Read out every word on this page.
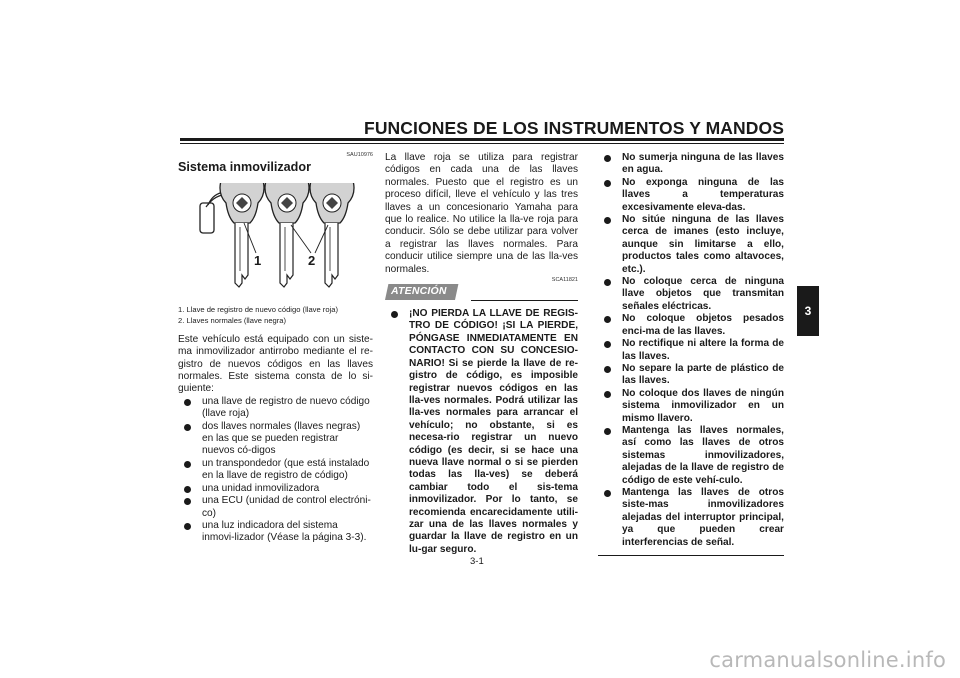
FUNCIONES DE LOS INSTRUMENTOS Y MANDOS
3
SAU10976
Sistema inmovilizador
1	2
1. Llave de registro de nuevo código (llave roja)
2. Llaves normales (llave negra)

Este vehículo está equipado con un siste-ma inmovilizador antirrobo mediante el re-gistro de nuevos códigos en las llaves normales. Este sistema consta de lo si-guiente:

una llave de registro de nuevo código (llave roja)
dos llaves normales (llaves negras) en las que se pueden registrar nuevos có-digos
un transpondedor (que está instalado en la llave de registro de código)
una unidad inmovilizadora
una ECU (unidad de control electróni-co)
una luz indicadora del sistema inmovi-lizador (Véase la página 3-3).

La llave roja se utiliza para registrar códigos en cada una de las llaves normales. Puesto que el registro es un proceso difícil, lleve el vehículo y las tres llaves a un concesionario Yamaha para que lo realice. No utilice la lla-ve roja para conducir. Sólo se debe utilizar para volver a registrar las llaves normales. Para conducir utilice siempre una de las lla-ves normales.

SCA11821
ATENCIÓN
¡NO PIERDA LA LLAVE DE REGIS-TRO DE CÓDIGO! ¡SI LA PIERDE, PÓNGASE INMEDIATAMENTE EN CONTACTO CON SU CONCESIO-NARIO! Si se pierde la llave de re-gistro de código, es imposible registrar nuevos códigos en las lla-ves normales. Podrá utilizar las lla-ves normales para arrancar el vehículo; no obstante, si es necesa-rio registrar un nuevo código (es decir, si se hace una nueva llave normal o si se pierden todas las lla-ves) se deberá cambiar todo el sis-tema inmovilizador. Por lo tanto, se recomienda encarecidamente utili-zar una de las llaves normales y guardar la llave de registro en un lu-gar seguro.
No sumerja ninguna de las llaves en agua.
No exponga ninguna de las llaves a temperaturas excesivamente eleva-das.
No sitúe ninguna de las llaves cerca de imanes (esto incluye, aunque sin limitarse a ello, productos tales como altavoces, etc.).
No coloque cerca de ninguna llave objetos que transmitan señales eléctricas.
No coloque objetos pesados enci-ma de las llaves.
No rectifique ni altere la forma de las llaves.
No separe la parte de plástico de las llaves.
No coloque dos llaves de ningún sistema inmovilizador en un mismo llavero.
Mantenga las llaves normales, así como las llaves de otros sistemas inmovilizadores, alejadas de la llave de registro de código de este vehí-culo.
Mantenga las llaves de otros siste-mas inmovilizadores alejadas del interruptor principal, ya que pueden crear interferencias de señal.
3-1
carmanualsonline.info
